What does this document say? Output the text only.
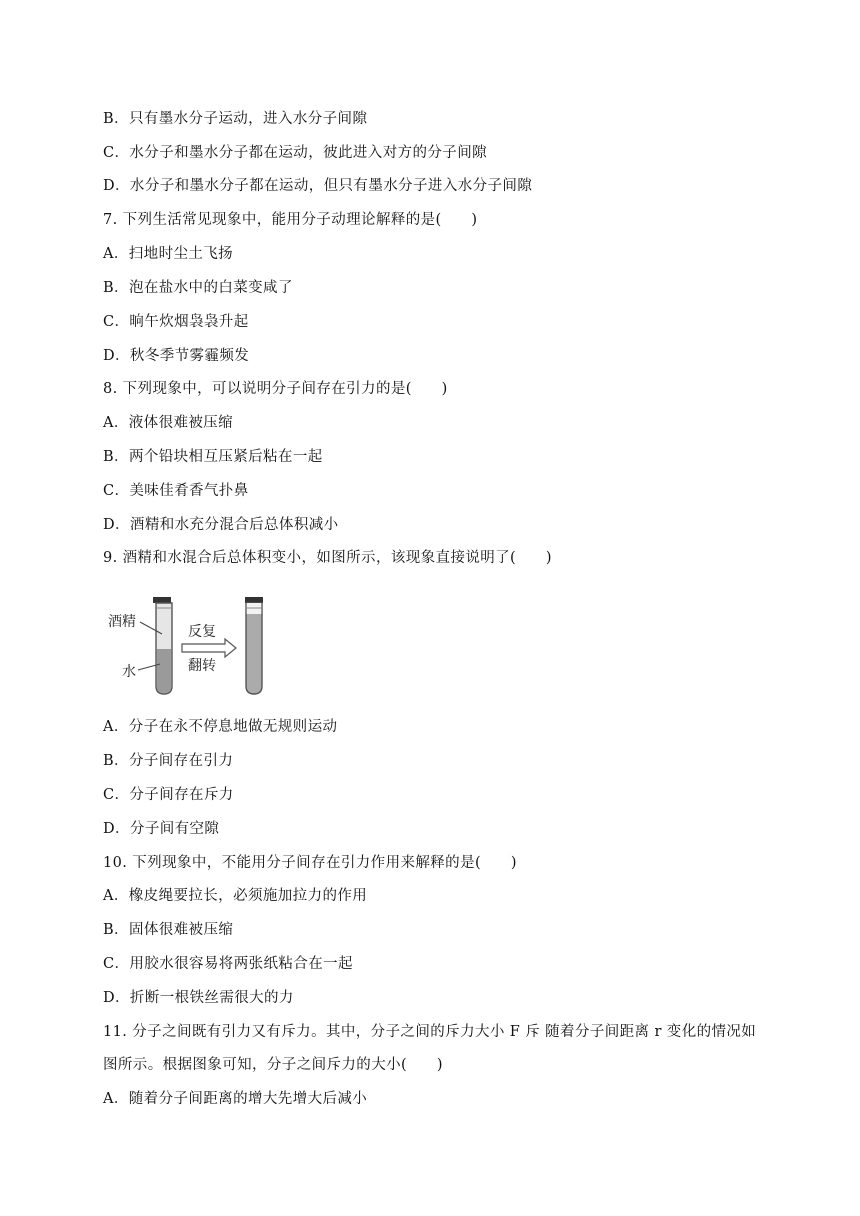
B．只有墨水分子运动，进入水分子间隙
C．水分子和墨水分子都在运动，彼此进入对方的分子间隙
D．水分子和墨水分子都在运动，但只有墨水分子进入水分子间隙
7. 下列生活常见现象中，能用分子动理论解释的是(　　)
A．扫地时尘土飞扬
B．泡在盐水中的白菜变咸了
C．晌午炊烟袅袅升起
D．秋冬季节雾霾频发
8. 下列现象中，可以说明分子间存在引力的是(　　)
A．液体很难被压缩
B．两个铅块相互压紧后粘在一起
C．美味佳肴香气扑鼻
D．酒精和水充分混合后总体积减小
9. 酒精和水混合后总体积变小，如图所示，该现象直接说明了(　　)
酒精
水
反复
翻转
A．分子在永不停息地做无规则运动
B．分子间存在引力
C．分子间存在斥力
D．分子间有空隙
10. 下列现象中，不能用分子间存在引力作用来解释的是(　　)
A．橡皮绳要拉长，必须施加拉力的作用
B．固体很难被压缩
C．用胶水很容易将两张纸粘合在一起
D．折断一根铁丝需很大的力
11. 分子之间既有引力又有斥力。其中，分子之间的斥力大小 F 斥 随着分子间距离 r 变化的情况如
图所示。根据图象可知，分子之间斥力的大小(　　)
A．随着分子间距离的增大先增大后减小
